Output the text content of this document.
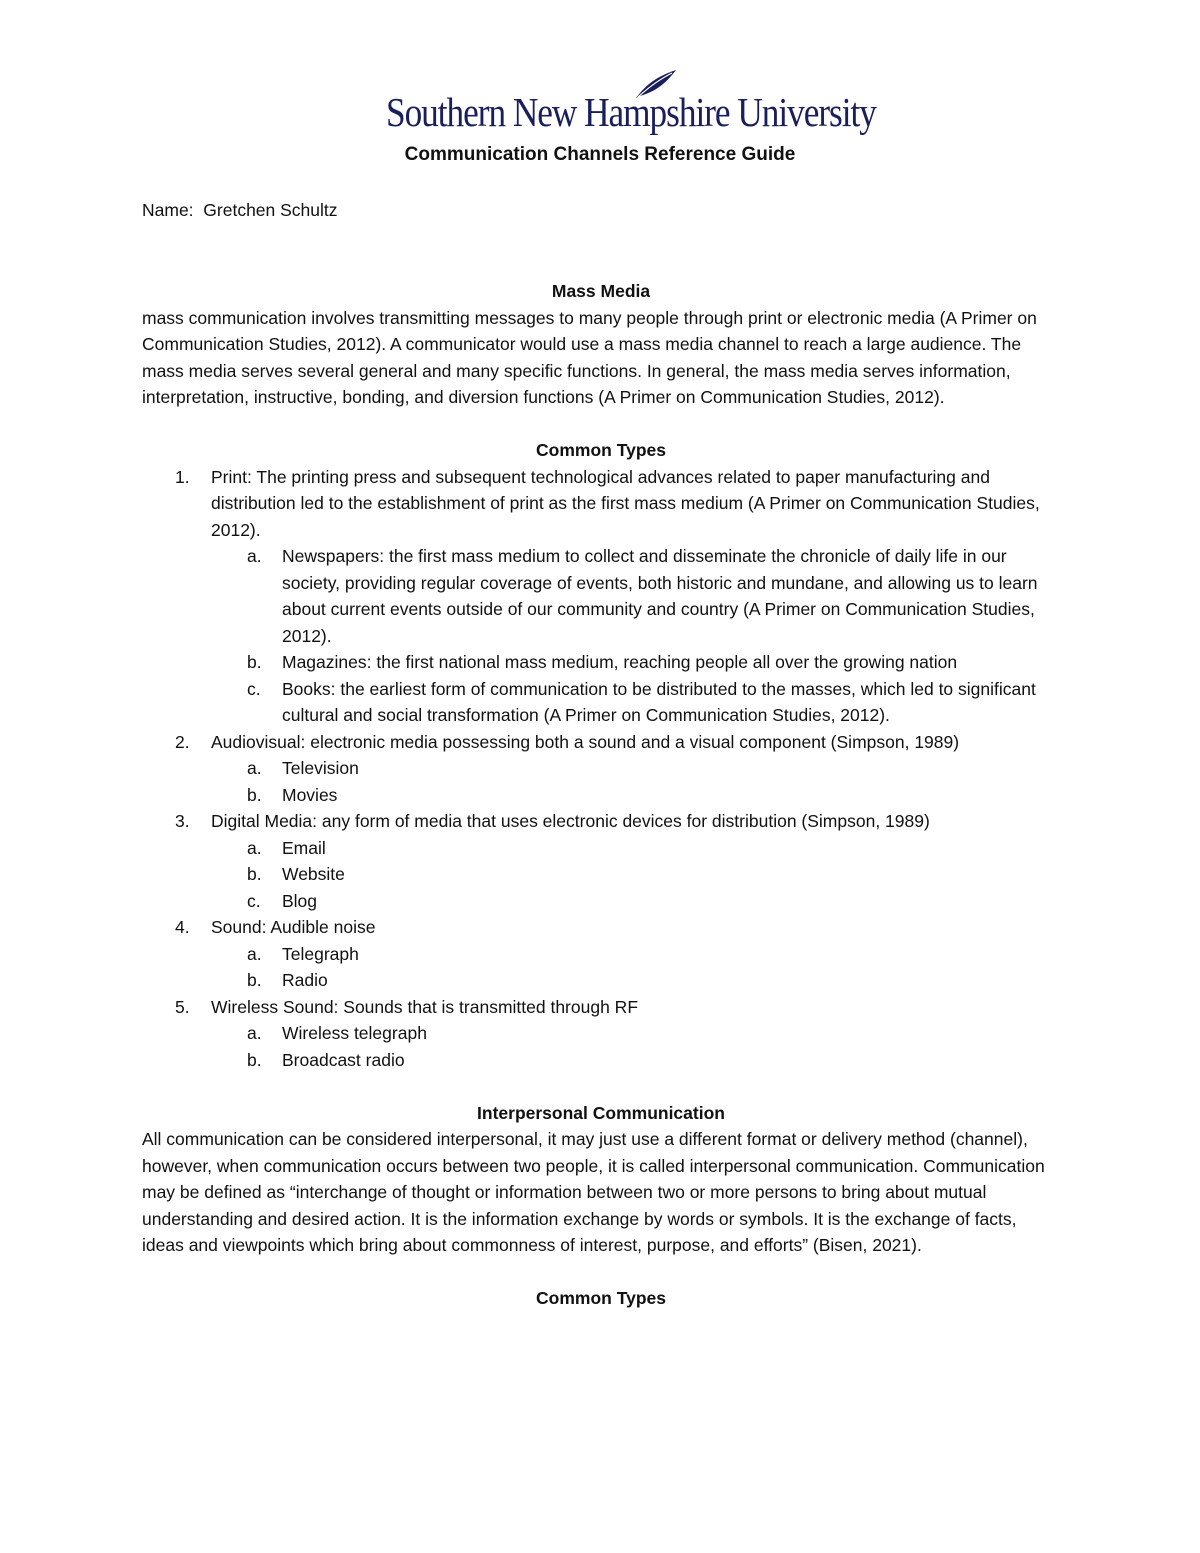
Southern New Hampshire University
Communication Channels Reference Guide
Name: Gretchen Schultz

Mass Media

mass communication involves transmitting messages to many people through print or electronic media (A Primer on Communication Studies, 2012). A communicator would use a mass media channel to reach a large audience. The mass media serves several general and many specific functions. In general, the mass media serves information, interpretation, instructive, bonding, and diversion functions (A Primer on Communication Studies, 2012).

Common Types

1. Print: The printing press and subsequent technological advances related to paper manufacturing and distribution led to the establishment of print as the first mass medium (A Primer on Communication Studies, 2012).
a. Newspapers: the first mass medium to collect and disseminate the chronicle of daily life in our society, providing regular coverage of events, both historic and mundane, and allowing us to learn about current events outside of our community and country (A Primer on Communication Studies, 2012).
b. Magazines: the first national mass medium, reaching people all over the growing nation
c. Books: the earliest form of communication to be distributed to the masses, which led to significant cultural and social transformation (A Primer on Communication Studies, 2012).
2. Audiovisual: electronic media possessing both a sound and a visual component (Simpson, 1989)
a. Television
b. Movies
3. Digital Media: any form of media that uses electronic devices for distribution (Simpson, 1989)
a. Email
b. Website
c. Blog
4. Sound: Audible noise
a. Telegraph
b. Radio
5. Wireless Sound: Sounds that is transmitted through RF
a. Wireless telegraph
b. Broadcast radio

Interpersonal Communication

All communication can be considered interpersonal, it may just use a different format or delivery method (channel), however, when communication occurs between two people, it is called interpersonal communication. Communication may be defined as “interchange of thought or information between two or more persons to bring about mutual understanding and desired action. It is the information exchange by words or symbols. It is the exchange of facts, ideas and viewpoints which bring about commonness of interest, purpose, and efforts” (Bisen, 2021).

Common Types
